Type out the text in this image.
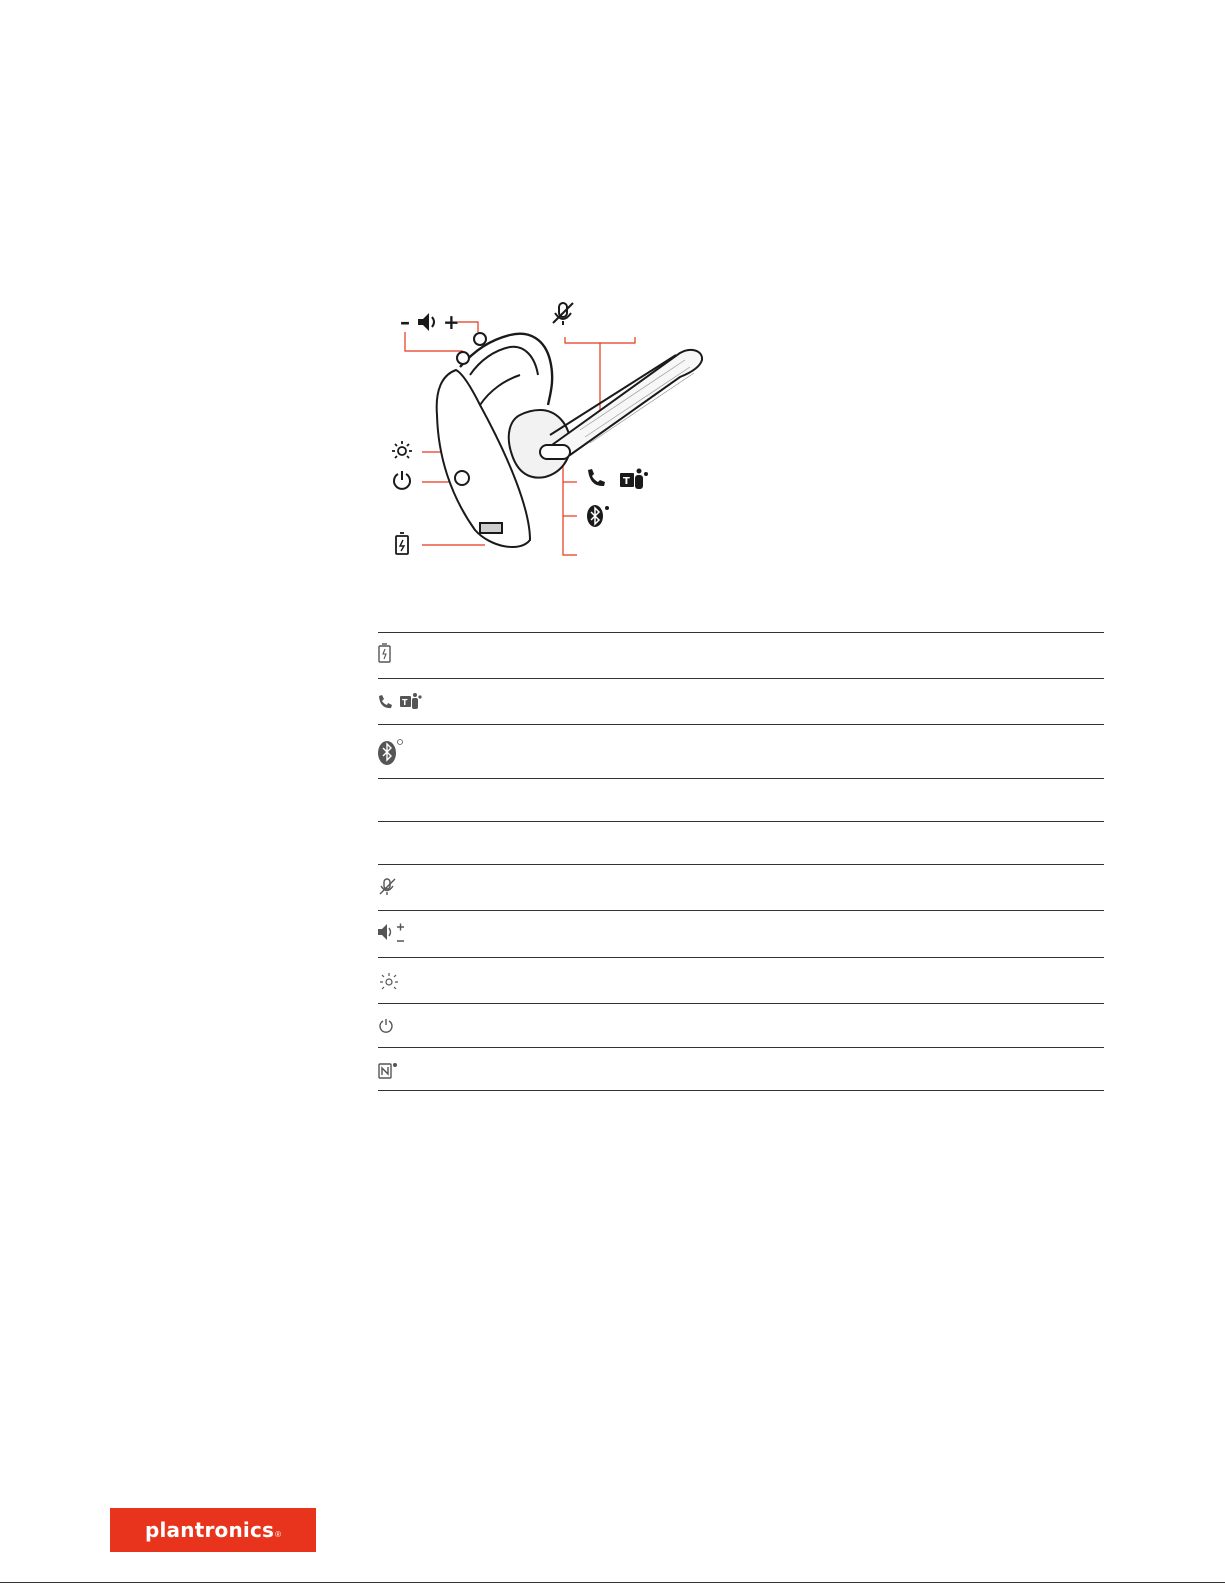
– +
T
T
plantronics ®
